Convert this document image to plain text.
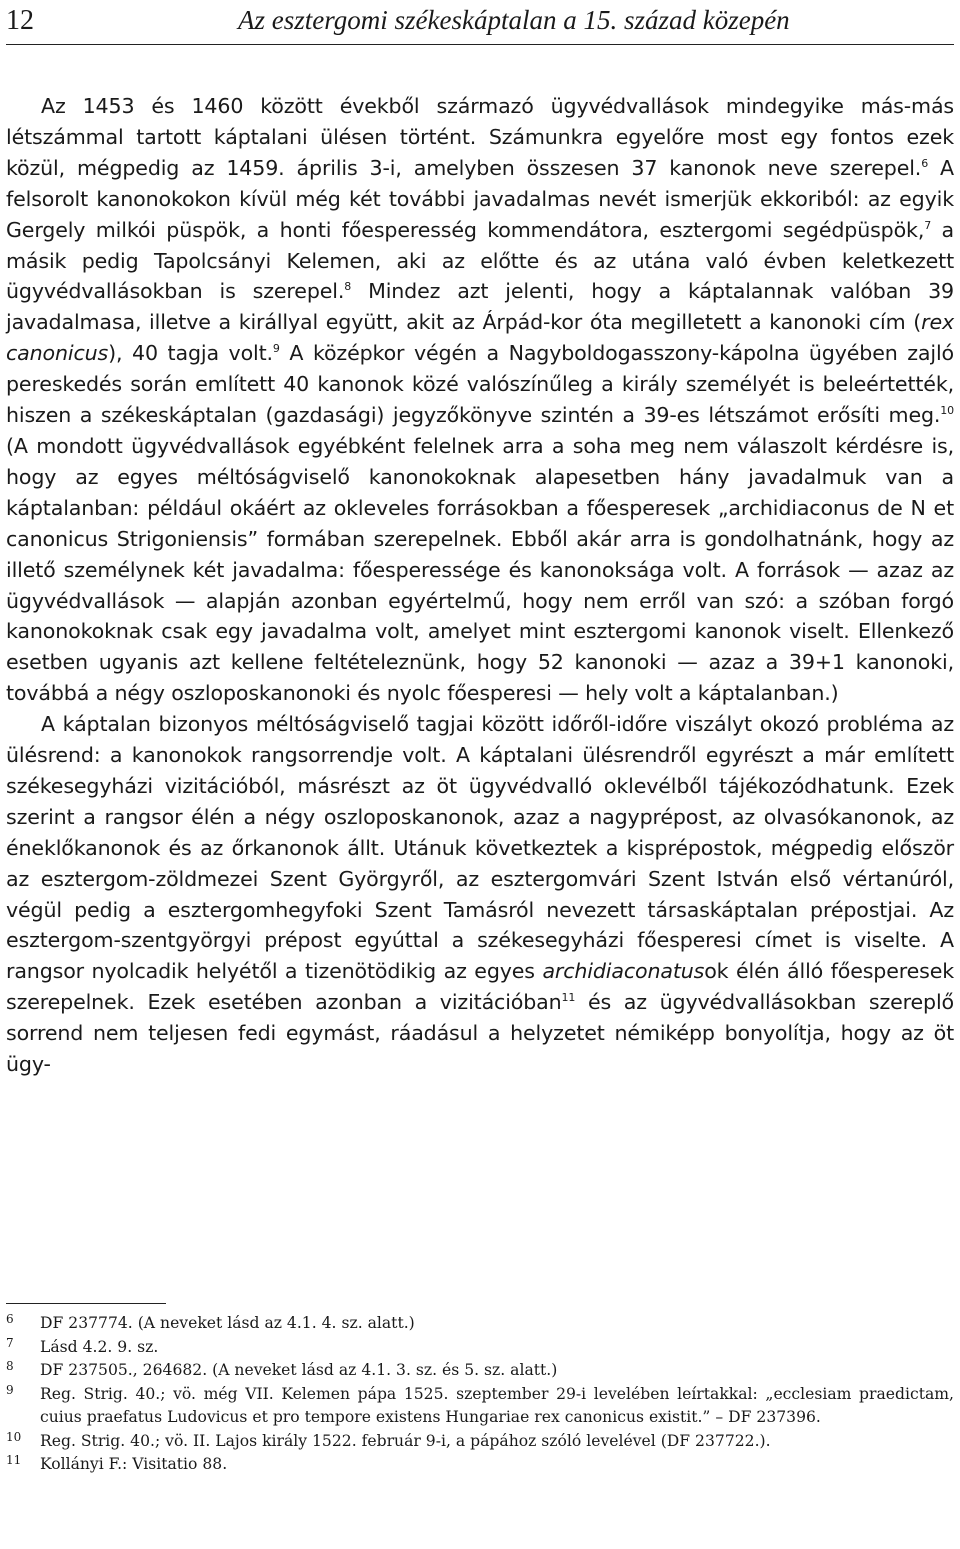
12	Az esztergomi székeskáptalan a 15. század közepén

Az 1453 és 1460 között évekből származó ügyvédvallások mindegyike más-más létszámmal tartott káptalani ülésen történt. Számunkra egyelőre most egy fontos ezek közül, mégpedig az 1459. április 3-i, amelyben összesen 37 kanonok neve szerepel.$^6$ A felsorolt kanonokokon kívül még két további javadalmas nevét ismerjük ekkoriból: az egyik Gergely milkói püspök, a honti főesperesség kommendátora, esztergomi segédpüspök,$^7$ a másik pedig Tapolcsányi Kelemen, aki az előtte és az utána való évben keletkezett ügyvédvallásokban is szerepel.$^8$ Mindez azt jelenti, hogy a káptalannak valóban 39 javadalmasa, illetve a királlyal együtt, akit az Árpád-kor óta megilletett a kanonoki cím (rex canonicus), 40 tagja volt.$^9$ A középkor végén a Nagyboldogasszony-kápolna ügyében zajló pereskedés során említett 40 kanonok közé valószínűleg a király személyét is beleértették, hiszen a székeskáptalan (gazdasági) jegyzőkönyve szintén a 39-es létszámot erősíti meg.$^{10}$ (A mondott ügyvédvallások egyébként felelnek arra a soha meg nem válaszolt kérdésre is, hogy az egyes méltóságviselő kanonokoknak alapesetben hány javadalmuk van a káptalanban: például okáért az okleveles forrásokban a főesperesek „archidiaconus de N et canonicus Strigoniensis” formában szerepelnek. Ebből akár arra is gondolhatnánk, hogy az illető személynek két javadalma: főesperessége és kanonoksága volt. A források — azaz az ügyvédvallások — alapján azonban egyértelmű, hogy nem erről van szó: a szóban forgó kanonokoknak csak egy javadalma volt, amelyet mint esztergomi kanonok viselt. Ellenkező esetben ugyanis azt kellene feltételeznünk, hogy 52 kanonoki — azaz a 39+1 kanonoki, továbbá a négy oszloposkanonoki és nyolc főesperesi — hely volt a káptalanban.)

A káptalan bizonyos méltóságviselő tagjai között időről-időre viszályt okozó probléma az ülésrend: a kanonokok rangsorrendje volt. A káptalani ülésrendről egyrészt a már említett székesegyházi vizitációból, másrészt az öt ügyvédvalló oklevélből tájékozódhatunk. Ezek szerint a rangsor élén a négy oszloposkanonok, azaz a nagyprépost, az olvasókanonok, az éneklőkanonok és az őrkanonok állt. Utánuk következtek a kisprépostok, mégpedig először az esztergom-zöldmezei Szent Györgyről, az esztergomvári Szent István első vértanúról, végül pedig a esztergomhegyfoki Szent Tamásról nevezett társaskáptalan prépostjai. Az esztergom-szentgyörgyi prépost egyúttal a székesegyházi főesperesi címet is viselte. A rangsor nyolcadik helyétől a tizenötödikig az egyes archidiaconatusok élén álló főesperesek szerepelnek. Ezek esetében azonban a vizitációban$^{11}$ és az ügyvédvallásokban szereplő sorrend nem teljesen fedi egymást, ráadásul a helyzetet némiképp bonyolítja, hogy az öt ügy-

6	DF 237774. (A neveket lásd az 4.1. 4. sz. alatt.)
7	Lásd 4.2. 9. sz.
8	DF 237505., 264682. (A neveket lásd az 4.1. 3. sz. és 5. sz. alatt.)
9	Reg. Strig. 40.; vö. még VII. Kelemen pápa 1525. szeptember 29-i levelében leírtakkal: „ecclesiam praedictam, cuius praefatus Ludovicus et pro tempore existens Hungariae rex canonicus existit.” – DF 237396.
10	Reg. Strig. 40.; vö. II. Lajos király 1522. február 9-i, a pápához szóló levelével (DF 237722.).
11	Kollányi F.: Visitatio 88.
